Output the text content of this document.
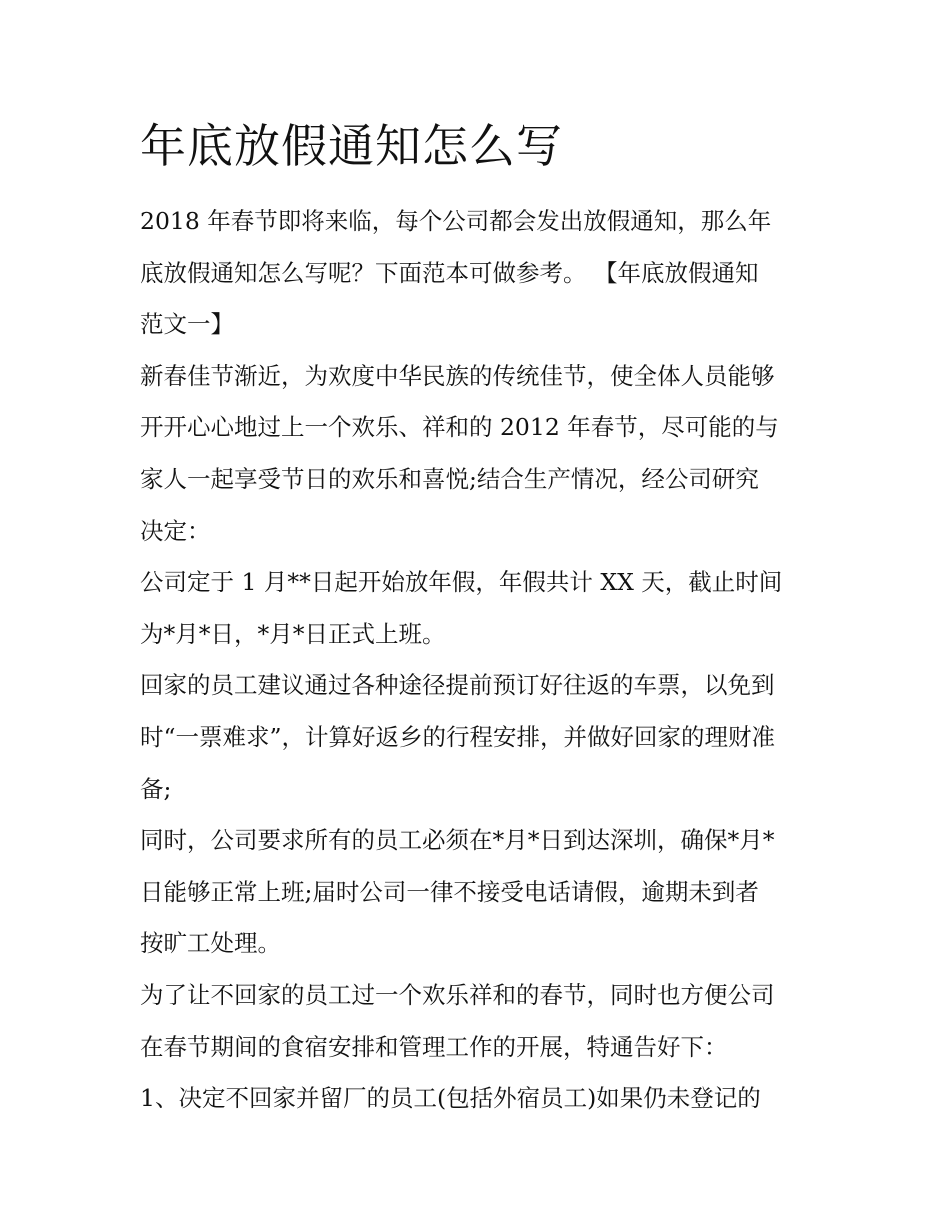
年底放假通知怎么写
2018 年春节即将来临，每个公司都会发出放假通知，那么年
底放假通知怎么写呢？下面范本可做参考。 【年底放假通知
范文一】
新春佳节渐近，为欢度中华民族的传统佳节，使全体人员能够
开开心心地过上一个欢乐、祥和的 2012 年春节，尽可能的与
家人一起享受节日的欢乐和喜悦;结合生产情况，经公司研究
决定：
公司定于 1 月**日起开始放年假，年假共计 XX 天，截止时间
为*月*日，*月*日正式上班。
回家的员工建议通过各种途径提前预订好往返的车票，以免到
时“一票难求”，计算好返乡的行程安排，并做好回家的理财准
备;
同时，公司要求所有的员工必须在*月*日到达深圳，确保*月*
日能够正常上班;届时公司一律不接受电话请假，逾期未到者
按旷工处理。
为了让不回家的员工过一个欢乐祥和的春节，同时也方便公司
在春节期间的食宿安排和管理工作的开展，特通告好下：
1、决定不回家并留厂的员工(包括外宿员工)如果仍未登记的
